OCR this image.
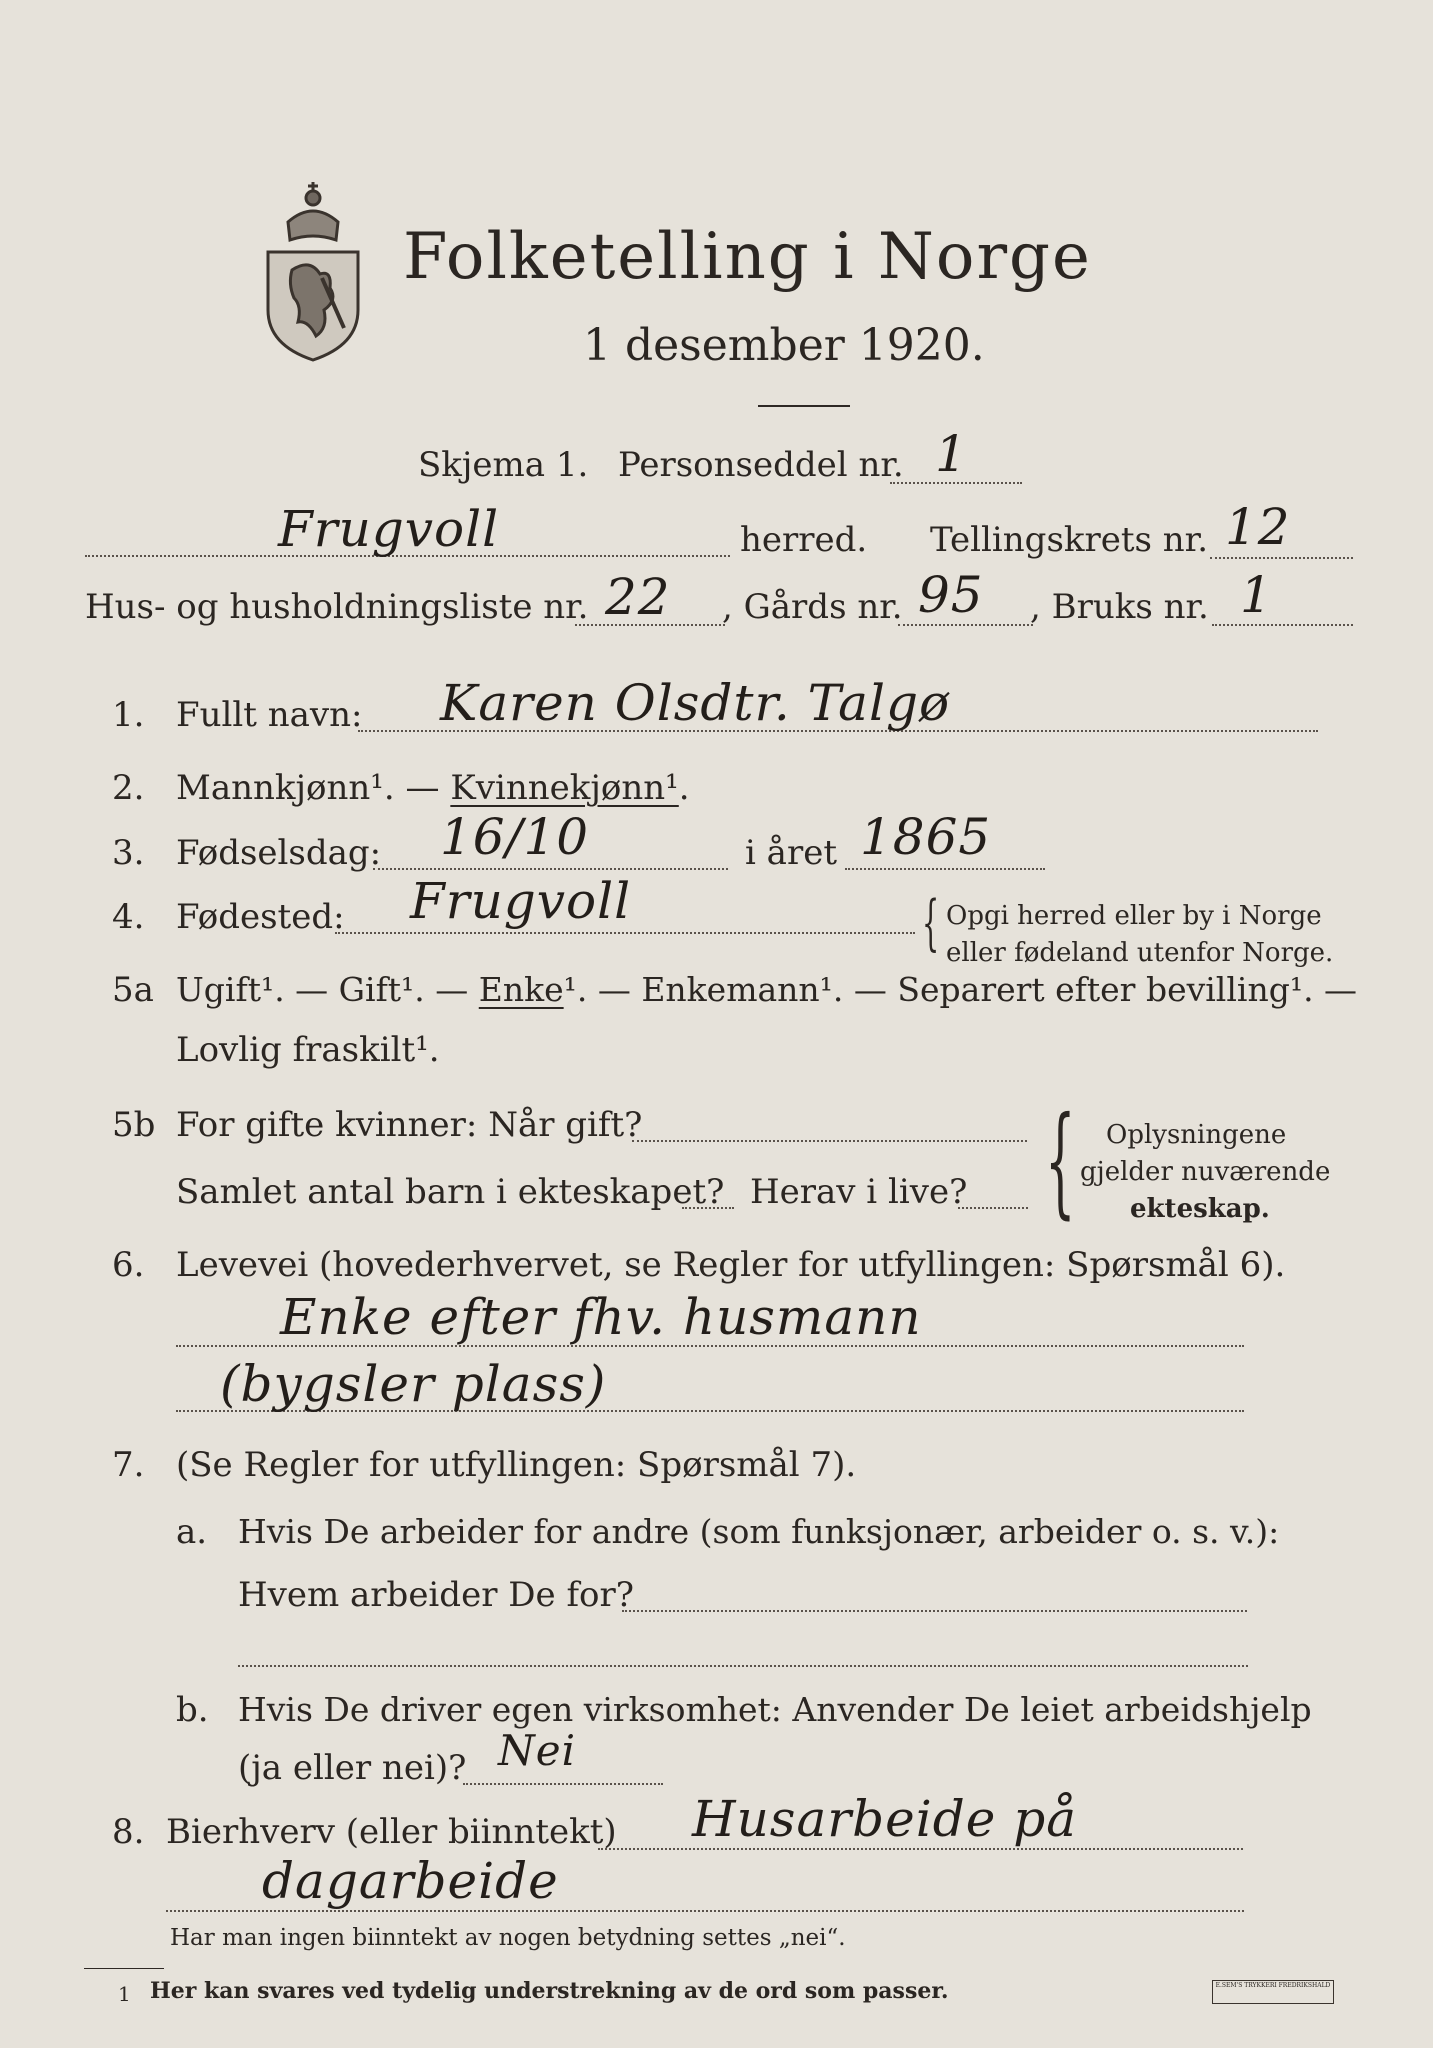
Folketelling i Norge
1 desember 1920.
Skjema 1. Personseddel nr. 1
Frugvoll	herred. Tellingskrets nr. 12
Hus- og husholdningsliste nr. 22 , Gårds nr. 95 , Bruks nr. 1
1. Fullt navn: Karen Olsdtr. Talgø
2. Mannkjønn¹. — Kvinnekjønn¹.
3. Fødselsdag: 16/10	i året 1865
4. Fødested: Frugvoll	{ Opgi herred eller by i Norge
eller fødeland utenfor Norge.
5a Ugift¹. — Gift¹. — Enke¹. — Enkemann¹. — Separert efter bevilling¹. —
Lovlig fraskilt¹.
5b For gifte kvinner: Når gift?
Samlet antal barn i ekteskapet? Herav i live? { Oplysningene
gjelder nuværende
ekteskap.
6. Levevei (hovederhvervet, se Regler for utfyllingen: Spørsmål 6).
Enke efter fhv. husmann
(bygsler plass)
7. (Se Regler for utfyllingen: Spørsmål 7).
a. Hvis De arbeider for andre (som funksjonær, arbeider o. s. v.):
Hvem arbeider De for?
b. Hvis De driver egen virksomhet: Anvender De leiet arbeidshjelp
(ja eller nei)? Nei
8. Bierhverv (eller biinntekt) Husarbeide på
dagarbeide
Har man ingen biinntekt av nogen betydning settes „nei“.
1 Her kan svares ved tydelig understrekning av de ord som passer.	E.SEM'S TRYKKERI FREDRIKSHALD
